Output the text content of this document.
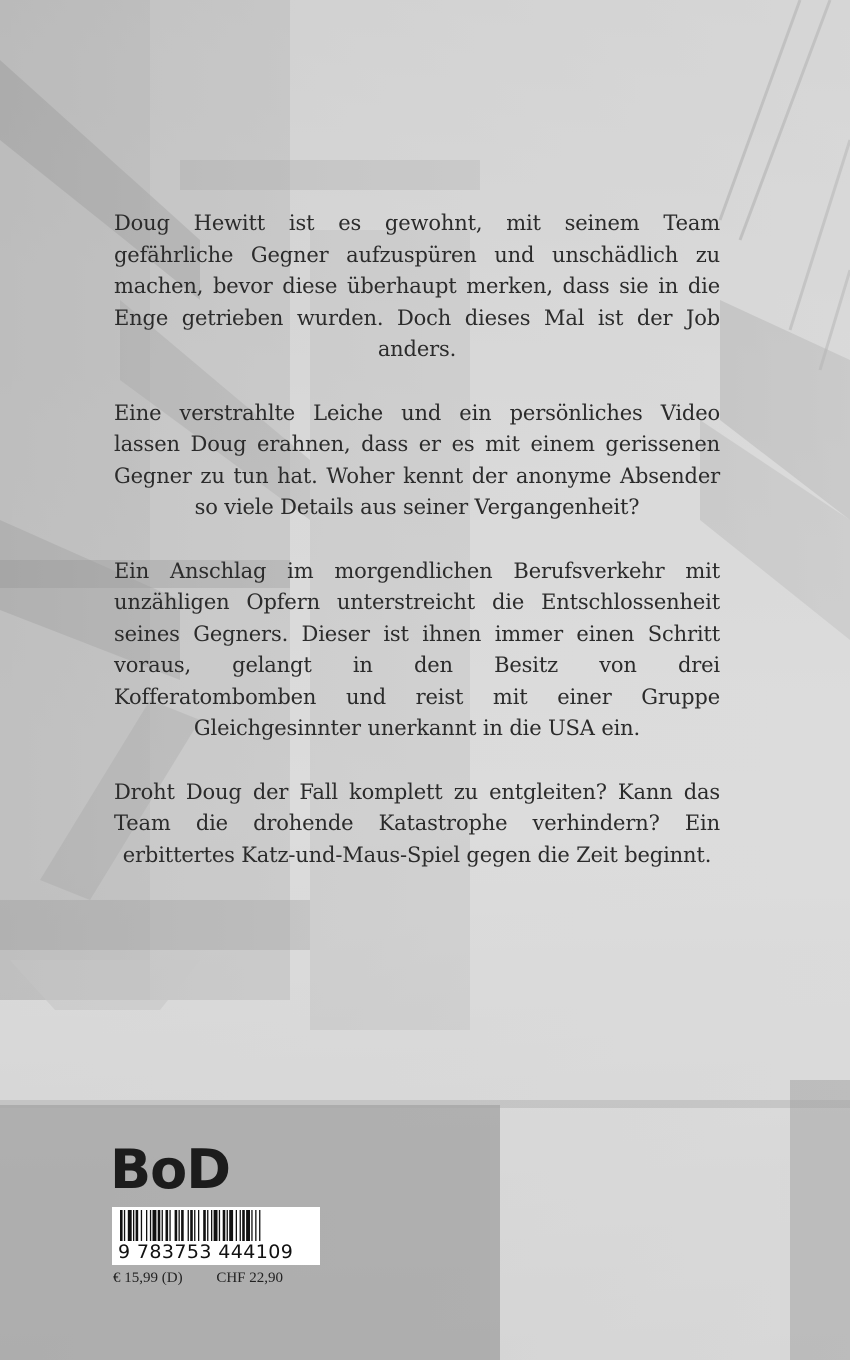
Doug Hewitt ist es gewohnt, mit seinem Team gefährliche Gegner aufzuspüren und unschädlich zu machen, bevor diese überhaupt merken, dass sie in die Enge getrieben wurden. Doch dieses Mal ist der Job anders.

Eine verstrahlte Leiche und ein persönliches Video lassen Doug erahnen, dass er es mit einem gerissenen Gegner zu tun hat. Woher kennt der anonyme Absender so viele Details aus seiner Vergangenheit?

Ein Anschlag im morgendlichen Berufsverkehr mit unzähligen Opfern unterstreicht die Entschlossenheit seines Gegners. Dieser ist ihnen immer einen Schritt voraus, gelangt in den Besitz von drei Kofferatombomben und reist mit einer Gruppe Gleichgesinnter unerkannt in die USA ein.

Droht Doug der Fall komplett zu entgleiten? Kann das Team die drohende Katastrophe verhindern? Ein erbittertes Katz-und-Maus-Spiel gegen die Zeit beginnt.

BoD
9 783753 444109
€ 15,99 (D) CHF 22,90
